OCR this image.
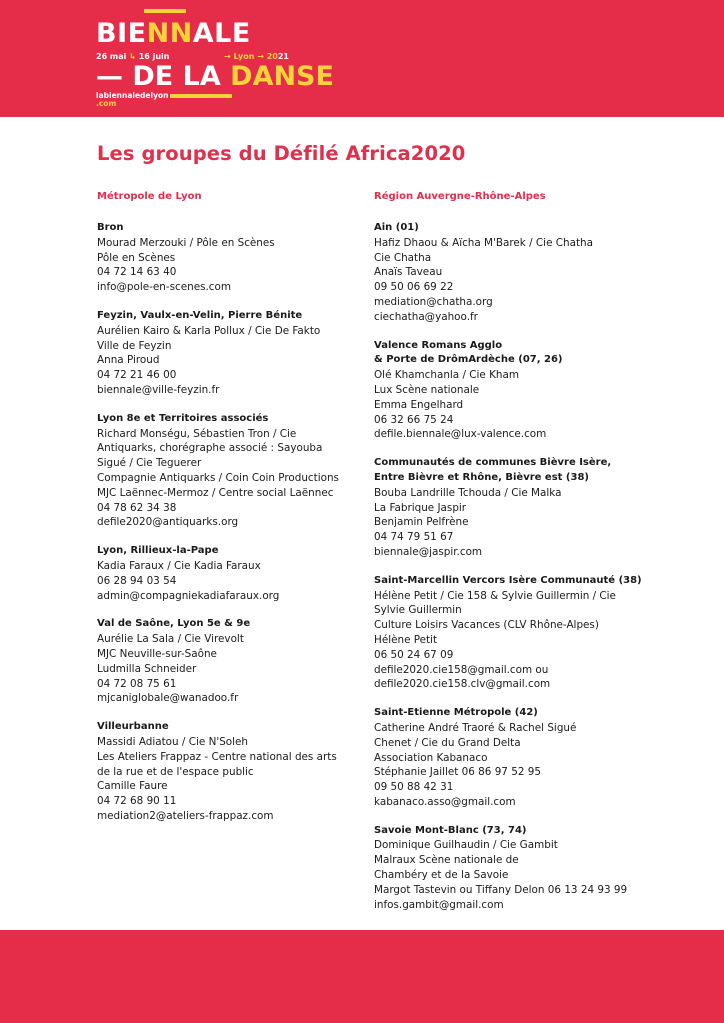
BIENNALE
26 mai ↳ 16 juin	→ Lyon → 2021
— DE LA DANSE
labiennaledelyon
.com
Les groupes du Défilé Africa2020
Métropole de Lyon
Bron
Mourad Merzouki / Pôle en Scènes
Pôle en Scènes
04 72 14 63 40
info@pole-en-scenes.com
Feyzin, Vaulx-en-Velin, Pierre Bénite
Aurélien Kairo & Karla Pollux / Cie De Fakto
Ville de Feyzin
Anna Piroud
04 72 21 46 00
biennale@ville-feyzin.fr
Lyon 8e et Territoires associés
Richard Monségu, Sébastien Tron / Cie
Antiquarks, chorégraphe associé : Sayouba
Sigué / Cie Teguerer
Compagnie Antiquarks / Coin Coin Productions
MJC Laënnec-Mermoz / Centre social Laënnec
04 78 62 34 38
defile2020@antiquarks.org
Lyon, Rillieux-la-Pape
Kadia Faraux / Cie Kadia Faraux
06 28 94 03 54
admin@compagniekadiafaraux.org
Val de Saône, Lyon 5e & 9e
Aurélie La Sala / Cie Virevolt
MJC Neuville-sur-Saône
Ludmilla Schneider
04 72 08 75 61
mjcaniglobale@wanadoo.fr
Villeurbanne
Massidi Adiatou / Cie N'Soleh
Les Ateliers Frappaz - Centre national des arts
de la rue et de l'espace public
Camille Faure
04 72 68 90 11
mediation2@ateliers-frappaz.com
Région Auvergne-Rhône-Alpes
Ain (01)
Hafiz Dhaou & Aïcha M'Barek / Cie Chatha
Cie Chatha
Anaïs Taveau
09 50 06 69 22
mediation@chatha.org
ciechatha@yahoo.fr
Valence Romans Agglo
& Porte de DrômArdèche (07, 26)
Olé Khamchanla / Cie Kham
Lux Scène nationale
Emma Engelhard
06 32 66 75 24
defile.biennale@lux-valence.com
Communautés de communes Bièvre Isère,
Entre Bièvre et Rhône, Bièvre est (38)
Bouba Landrille Tchouda / Cie Malka
La Fabrique Jaspir
Benjamin Pelfrène
04 74 79 51 67
biennale@jaspir.com
Saint-Marcellin Vercors Isère Communauté (38)
Hélène Petit / Cie 158 & Sylvie Guillermin / Cie
Sylvie Guillermin
Culture Loisirs Vacances (CLV Rhône-Alpes)
Hélène Petit
06 50 24 67 09
defile2020.cie158@gmail.com ou
defile2020.cie158.clv@gmail.com
Saint-Etienne Métropole (42)
Catherine André Traoré & Rachel Sigué
Chenet / Cie du Grand Delta
Association Kabanaco
Stéphanie Jaillet 06 86 97 52 95
09 50 88 42 31
kabanaco.asso@gmail.com
Savoie Mont-Blanc (73, 74)
Dominique Guilhaudin / Cie Gambit
Malraux Scène nationale de
Chambéry et de la Savoie
Margot Tastevin ou Tiffany Delon 06 13 24 93 99
infos.gambit@gmail.com
